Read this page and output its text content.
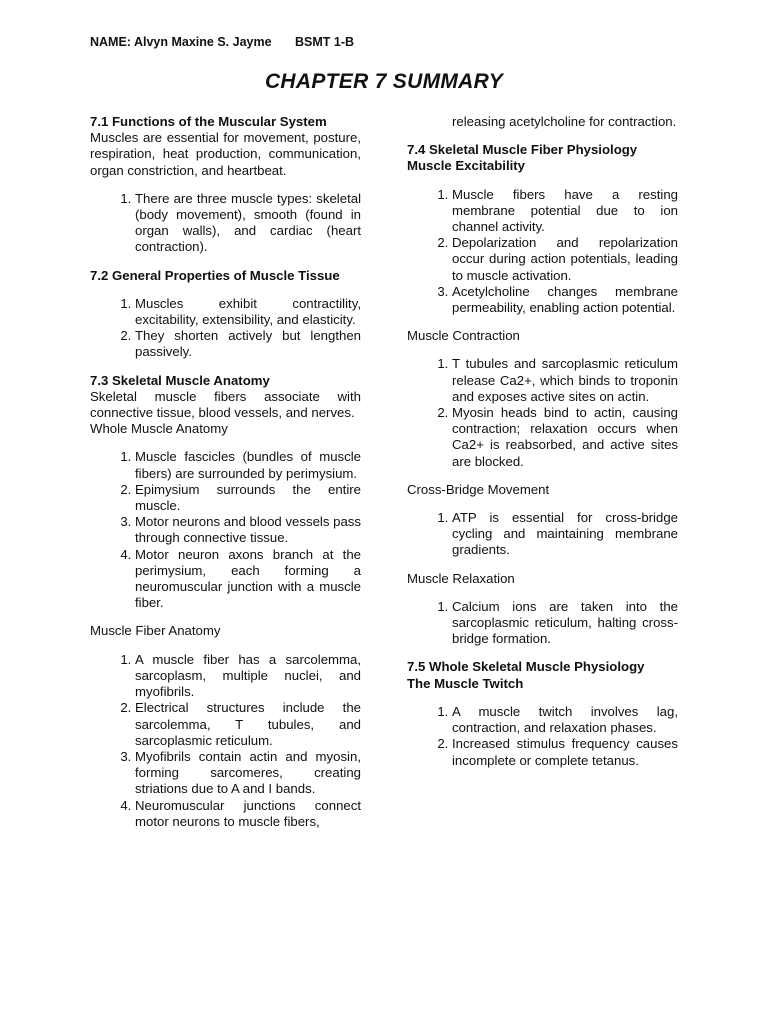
NAME: Alvyn Maxine S. Jayme BSMT 1-B
CHAPTER 7 SUMMARY
7.1 Functions of the Muscular System

Muscles are essential for movement, posture, respiration, heat production, communication, organ constriction, and heartbeat.

1. There are three muscle types: skeletal (body movement), smooth (found in organ walls), and cardiac (heart contraction).
7.2 General Properties of Muscle Tissue
1. Muscles exhibit contractility, excitability, extensibility, and elasticity.
2. They shorten actively but lengthen passively.
7.3 Skeletal Muscle Anatomy

Skeletal muscle fibers associate with connective tissue, blood vessels, and nerves.

Whole Muscle Anatomy

1. Muscle fascicles (bundles of muscle fibers) are surrounded by perimysium.
2. Epimysium surrounds the entire muscle.
3. Motor neurons and blood vessels pass through connective tissue.
4. Motor neuron axons branch at the perimysium, each forming a neuromuscular junction with a muscle fiber.

Muscle Fiber Anatomy

1. A muscle fiber has a sarcolemma, sarcoplasm, multiple nuclei, and myofibrils.
2. Electrical structures include the sarcolemma, T tubules, and sarcoplasmic reticulum.
3. Myofibrils contain actin and myosin, forming sarcomeres, creating striations due to A and I bands.
4. Neuromuscular junctions connect motor neurons to muscle fibers,
releasing acetylcholine for contraction.
7.4 Skeletal Muscle Fiber Physiology
Muscle Excitability
1. Muscle fibers have a resting membrane potential due to ion channel activity.
2. Depolarization and repolarization occur during action potentials, leading to muscle activation.
3. Acetylcholine changes membrane permeability, enabling action potential.

Muscle Contraction

1. T tubules and sarcoplasmic reticulum release Ca2+, which binds to troponin and exposes active sites on actin.
2. Myosin heads bind to actin, causing contraction; relaxation occurs when Ca2+ is reabsorbed, and active sites are blocked.

Cross-Bridge Movement

1. ATP is essential for cross-bridge cycling and maintaining membrane gradients.

Muscle Relaxation

1. Calcium ions are taken into the sarcoplasmic reticulum, halting cross-bridge formation.
7.5 Whole Skeletal Muscle Physiology
The Muscle Twitch
1. A muscle twitch involves lag, contraction, and relaxation phases.
2. Increased stimulus frequency causes incomplete or complete tetanus.
